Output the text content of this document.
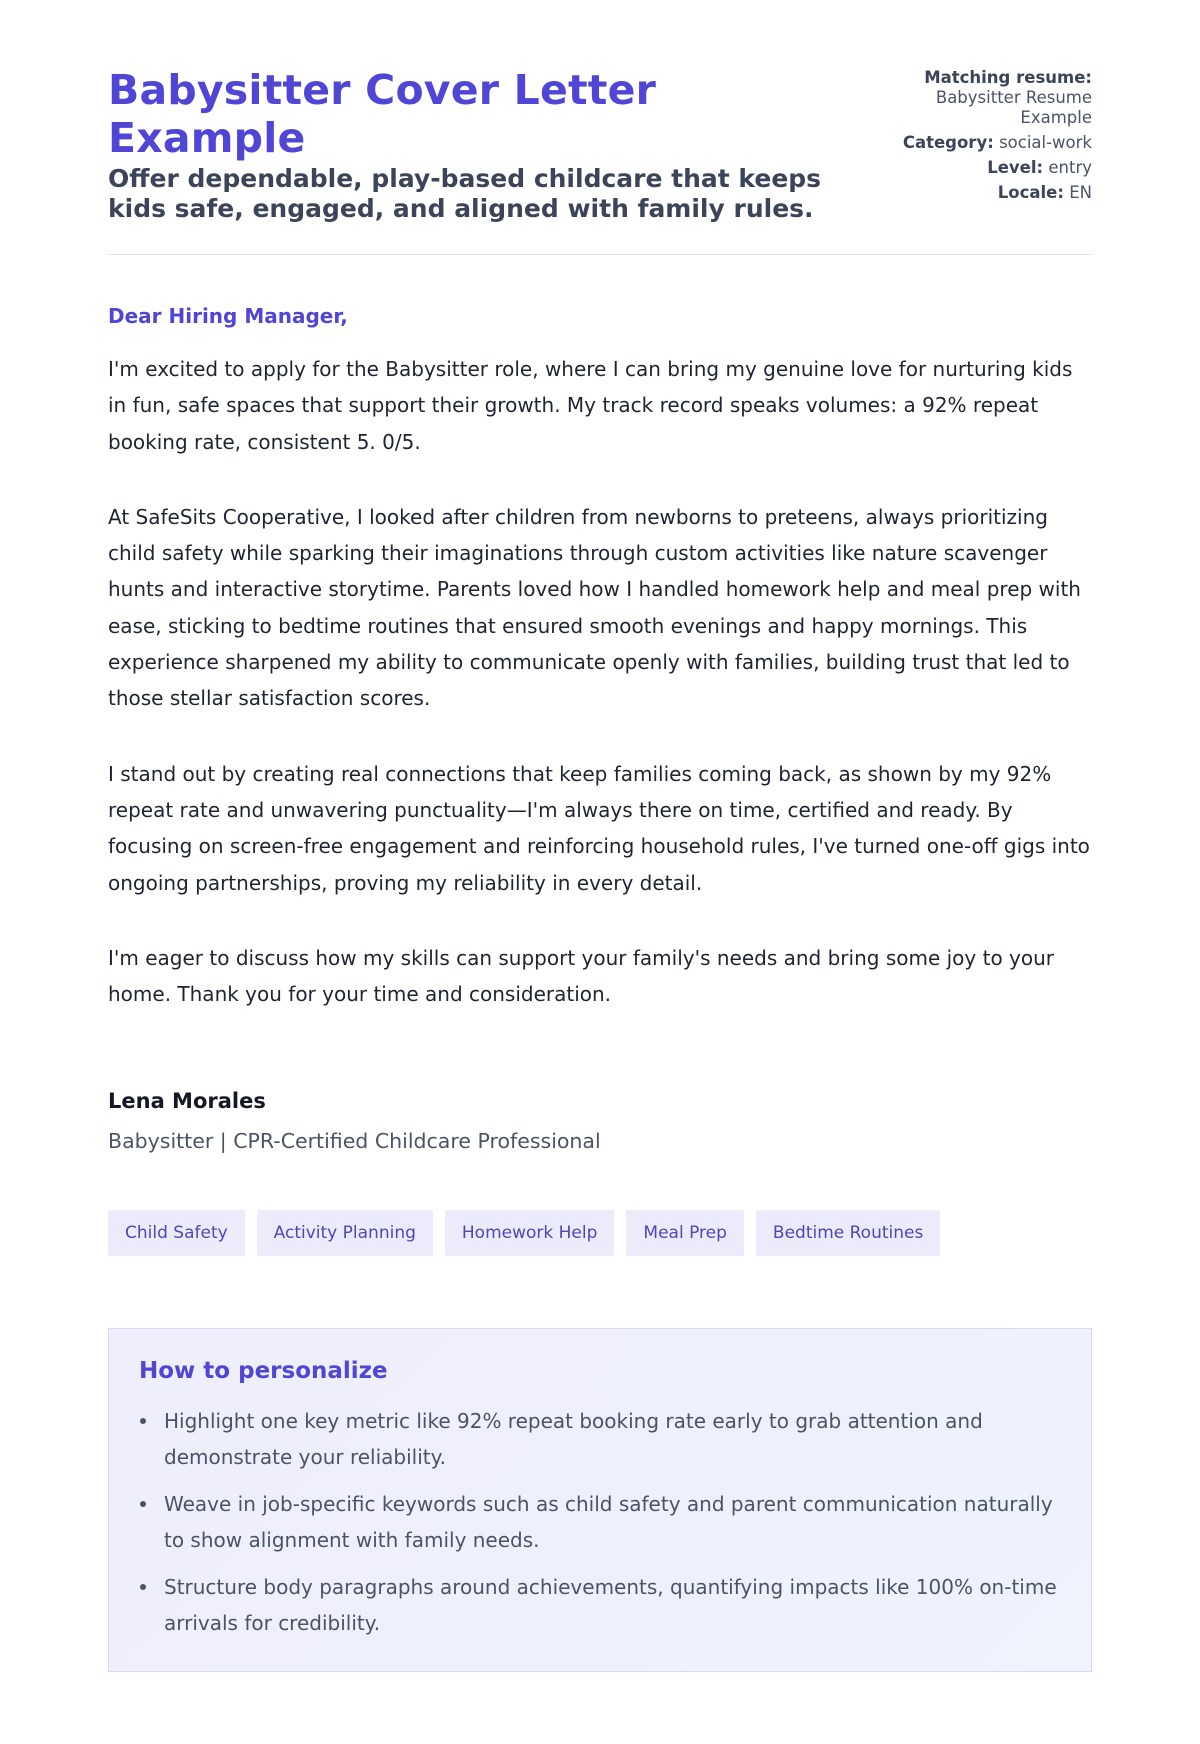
Babysitter Cover Letter Example

Offer dependable, play-based childcare that keeps kids safe, engaged, and aligned with family rules.

Matching resume:
Babysitter Resume Example
Category: social-work
Level: entry
Locale: EN

Dear Hiring Manager,

I'm excited to apply for the Babysitter role, where I can bring my genuine love for nurturing kids in fun, safe spaces that support their growth. My track record speaks volumes: a 92% repeat booking rate, consistent 5. 0/5.

At SafeSits Cooperative, I looked after children from newborns to preteens, always prioritizing child safety while sparking their imaginations through custom activities like nature scavenger hunts and interactive storytime. Parents loved how I handled homework help and meal prep with ease, sticking to bedtime routines that ensured smooth evenings and happy mornings. This experience sharpened my ability to communicate openly with families, building trust that led to those stellar satisfaction scores.

I stand out by creating real connections that keep families coming back, as shown by my 92% repeat rate and unwavering punctuality—I'm always there on time, certified and ready. By focusing on screen-free engagement and reinforcing household rules, I've turned one-off gigs into ongoing partnerships, proving my reliability in every detail.

I'm eager to discuss how my skills can support your family's needs and bring some joy to your home. Thank you for your time and consideration.

Lena Morales

Babysitter | CPR-Certified Childcare Professional

Child Safety	Activity Planning	Homework Help	Meal Prep	Bedtime Routines
How to personalize
Highlight one key metric like 92% repeat booking rate early to grab attention and demonstrate your reliability.
Weave in job-specific keywords such as child safety and parent communication naturally to show alignment with family needs.
Structure body paragraphs around achievements, quantifying impacts like 100% on-time arrivals for credibility.
